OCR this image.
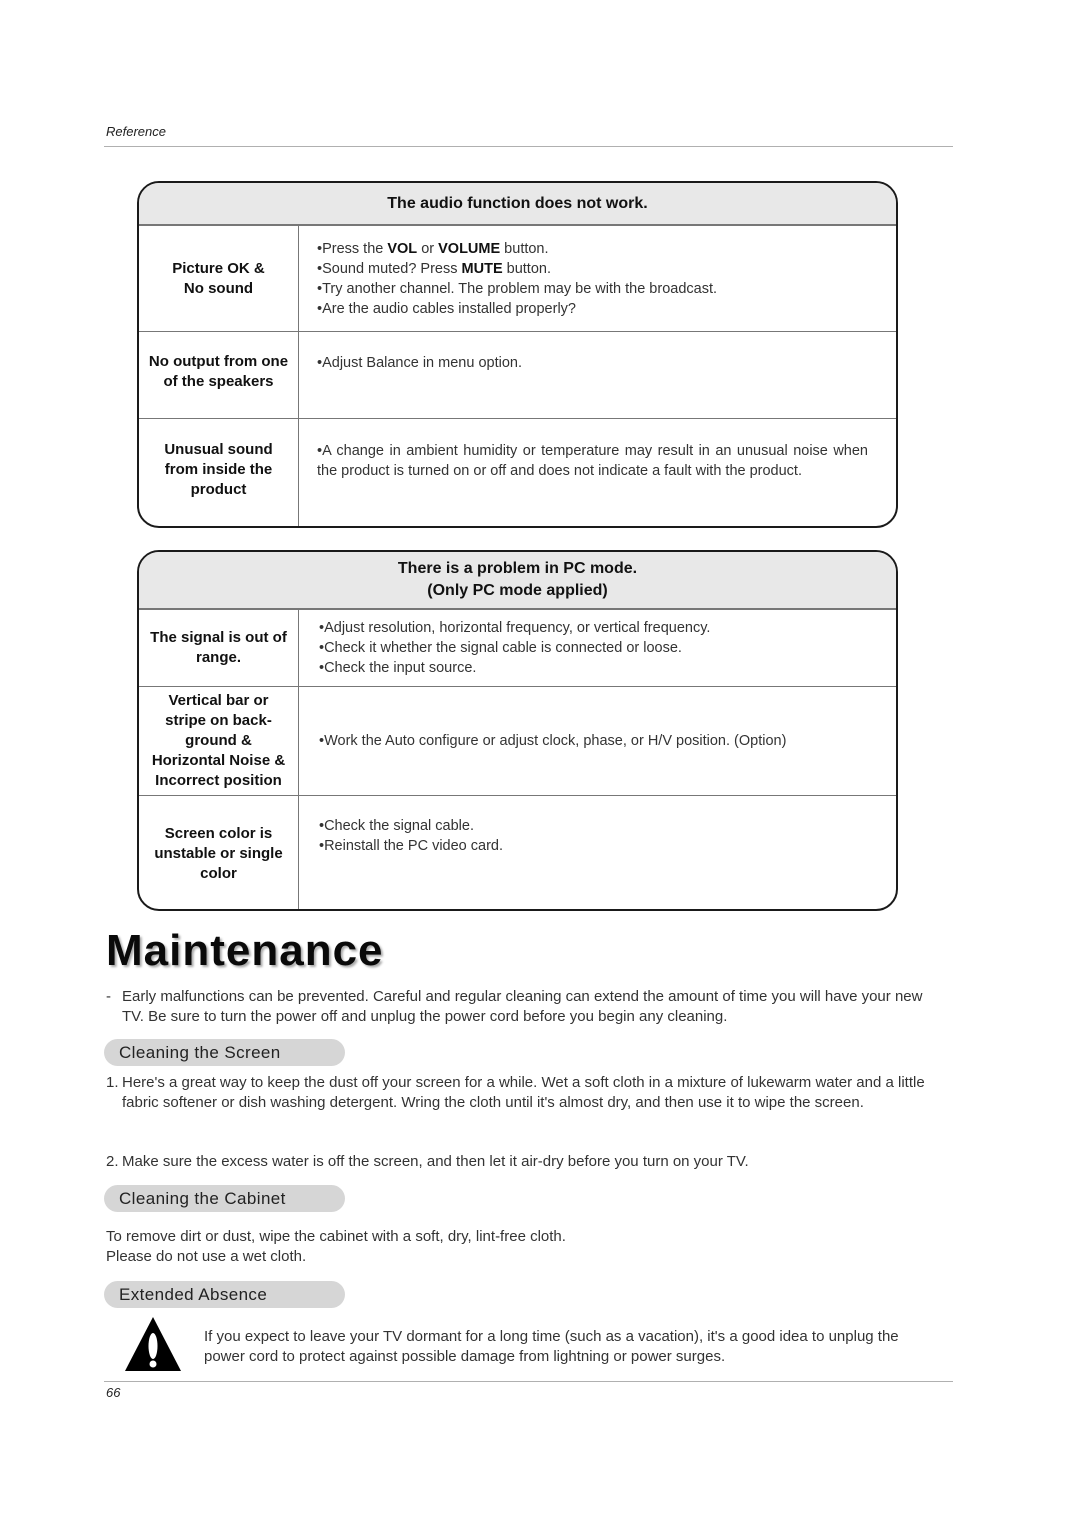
Reference
The audio function does not work.
Picture OK &
No sound
• Press the VOL or VOLUME button.
• Sound muted? Press MUTE button.
• Try another channel. The problem may be with the broadcast.
• Are the audio cables installed properly?
No output from one
of the speakers
• Adjust Balance in menu option.
Unusual sound
from inside the
product
• A change in ambient humidity or temperature may result in an unusual noise when the product is turned on or off and does not indicate a fault with the product.
There is a problem in PC mode.
(Only PC mode applied)
The signal is out of
range.
• Adjust resolution, horizontal frequency, or vertical frequency.
• Check it whether the signal cable is connected or loose.
• Check the input source.
Vertical bar or
stripe on back-
ground &
Horizontal Noise &
Incorrect position
• Work the Auto configure or adjust clock, phase, or H/V position. (Option)
Screen color is
unstable or single
color
• Check the signal cable.
• Reinstall the PC video card.
Maintenance
- Early malfunctions can be prevented. Careful and regular cleaning can extend the amount of time you will have your new TV. Be sure to turn the power off and unplug the power cord before you begin any cleaning.
Cleaning the Screen
1. Here's a great way to keep the dust off your screen for a while. Wet a soft cloth in a mixture of lukewarm water and a little fabric softener or dish washing detergent. Wring the cloth until it's almost dry, and then use it to wipe the screen.
2. Make sure the excess water is off the screen, and then let it air-dry before you turn on your TV.
Cleaning the Cabinet
To remove dirt or dust, wipe the cabinet with a soft, dry, lint-free cloth.
Please do not use a wet cloth.
Extended Absence
If you expect to leave your TV dormant for a long time (such as a vacation), it's a good idea to unplug the power cord to protect against possible damage from lightning or power surges.
66
